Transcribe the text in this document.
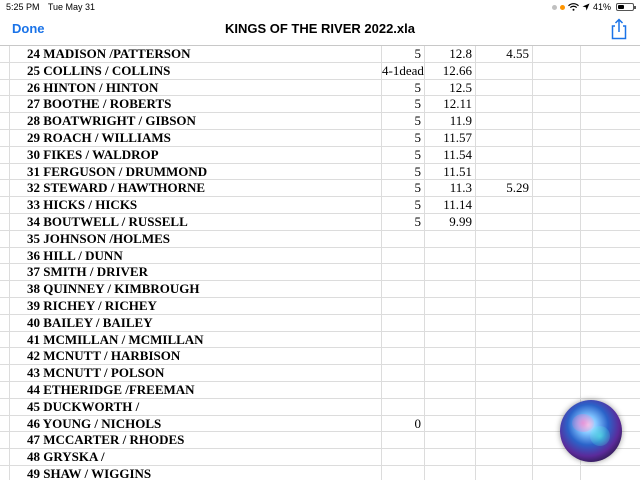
5:25 PM Tue May 31	41%
Done	KINGS OF THE RIVER 2022.xla
24 MADISON /PATTERSON	5	12.8	4.55
25 COLLINS / COLLINS	4-1dead	12.66
26 HINTON / HINTON	5	12.5
27 BOOTHE / ROBERTS	5	12.11
28 BOATWRIGHT / GIBSON	5	11.9
29 ROACH / WILLIAMS	5	11.57
30 FIKES / WALDROP	5	11.54
31 FERGUSON / DRUMMOND	5	11.51
32 STEWARD / HAWTHORNE	5	11.3	5.29
33 HICKS / HICKS	5	11.14
34 BOUTWELL / RUSSELL	5	9.99
35 JOHNSON /HOLMES
36 HILL / DUNN
37 SMITH / DRIVER
38 QUINNEY / KIMBROUGH
39 RICHEY / RICHEY
40 BAILEY / BAILEY
41 MCMILLAN / MCMILLAN
42 MCNUTT / HARBISON
43 MCNUTT / POLSON
44 ETHERIDGE /FREEMAN
45 DUCKWORTH /
46 YOUNG / NICHOLS	0
47 MCCARTER / RHODES
48 GRYSKA /
49 SHAW / WIGGINS
